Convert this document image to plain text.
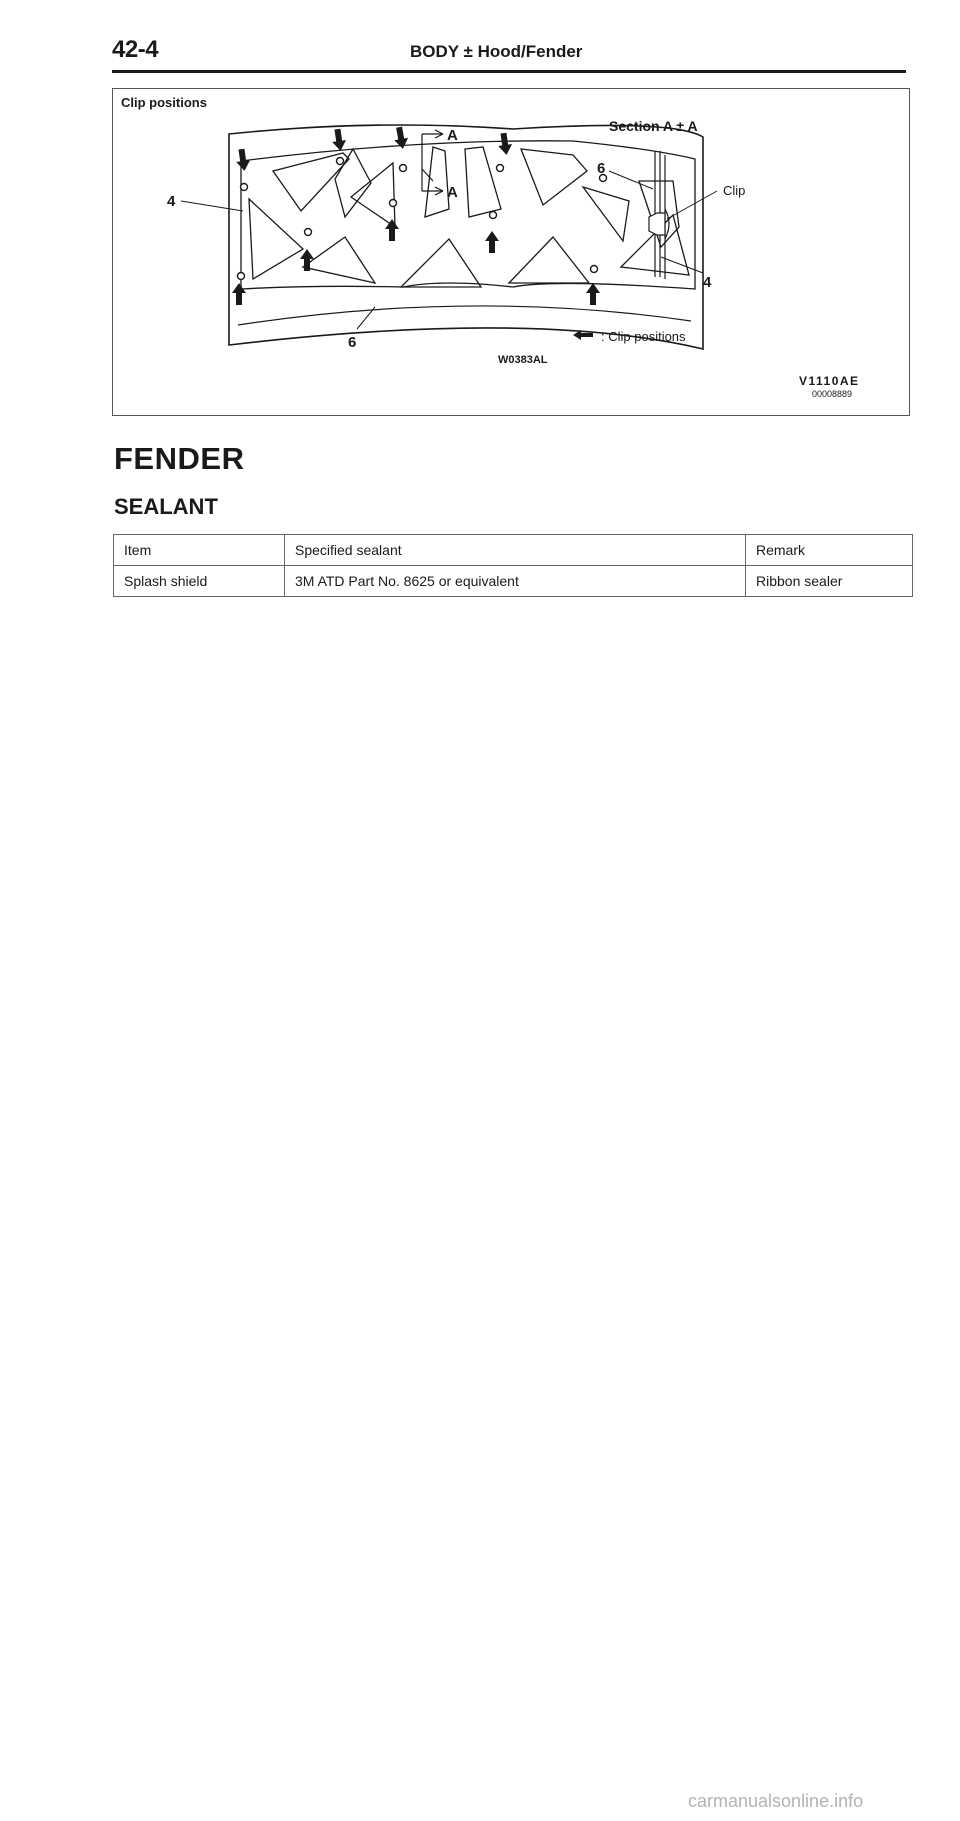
42-4	BODY ± Hood/Fender
Clip positions
A
A
4
6
W0383AL
Section A ± A
6
Clip
4
: Clip positions
V1110AE
00008889
FENDER
SEALANT
Item	Specified sealant	Remark
Splash shield	3M ATD Part No. 8625 or equivalent	Ribbon sealer
carmanualsonline.info
